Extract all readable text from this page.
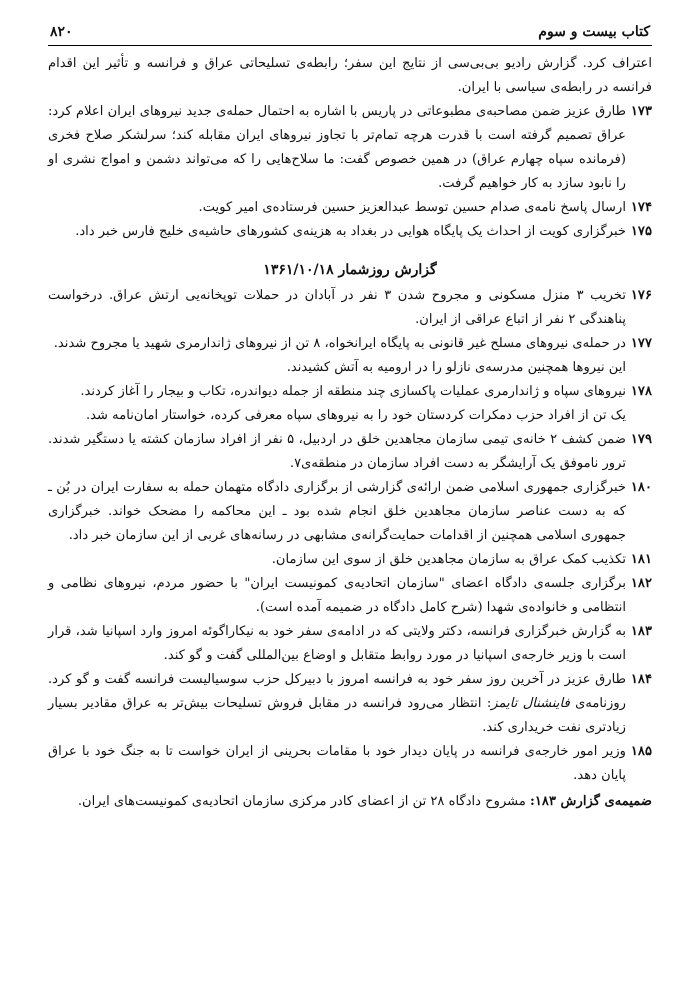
کتاب بیست و سوم
۸۲۰
اعتراف کرد. گزارش رادیو بی‌بی‌سی از نتایج این سفر؛ رابطه‌ی تسلیحاتی عراق و فرانسه و تأثیر این اقدام فرانسه در رابطه‌ی سیاسی با ایران.
۱۷۳
طارق عزیز ضمن مصاحبه‌ی مطبوعاتی در پاریس با اشاره به احتمال حمله‌ی جدید نیروهای ایران اعلام کرد: عراق تصمیم گرفته است با قدرت هرچه تمام‌تر با تجاوز نیروهای ایران مقابله کند؛ سرلشکر صلاح فخری (فرمانده سپاه چهارم عراق) در همین خصوص گفت: ما سلاح‌هایی را که می‌تواند دشمن و امواج نشری او را نابود سازد به کار خواهیم گرفت.
۱۷۴
ارسال پاسخ نامه‌ی صدام حسین توسط عبدالعزیز حسین فرستاده‌ی امیر کویت.
۱۷۵
خبرگزاری کویت از احداث یک پایگاه هوایی در بغداد به هزینه‌ی کشورهای حاشیه‌ی خلیج فارس خبر داد.
گزارش روزشمار ۱۳۶۱/۱۰/۱۸
۱۷۶
تخریب ۳ منزل مسکونی و مجروح شدن ۳ نفر در آبادان در حملات توپخانه‌یی ارتش عراق. درخواست پناهندگی ۲ نفر از اتباع عراقی از ایران.
۱۷۷
در حمله‌ی نیروهای مسلح غیر قانونی به پایگاه ایرانخواه، ۸ تن از نیروهای ژاندارمری شهید یا مجروح شدند.
این نیروها همچنین مدرسه‌ی نازلو را در ارومیه به آتش کشیدند.
۱۷۸
نیروهای سپاه و ژاندارمری عملیات پاکسازی چند منطقه از جمله دیواندره، تکاب و بیجار را آغاز کردند.
یک تن از افراد حزب دمکرات کردستان خود را به نیروهای سپاه معرفی کرده، خواستار امان‌نامه شد.
۱۷۹
ضمن کشف ۲ خانه‌ی تیمی سازمان مجاهدین خلق در اردبیل، ۵ نفر از افراد سازمان کشته یا دستگیر شدند. ترور ناموفق یک آرایشگر به دست افراد سازمان در منطقه‌ی۷.
۱۸۰
خبرگزاری جمهوری اسلامی ضمن ارائه‌ی گزارشی از برگزاری دادگاه متهمان حمله به سفارت ایران در بُن ـ که به دست عناصر سازمان مجاهدین خلق انجام شده بود ـ این محاکمه را مضحک خواند. خبرگزاری جمهوری اسلامی همچنین از اقدامات حمایت‌گرانه‌ی مشابهی در رسانه‌های غربی از این سازمان خبر داد.
۱۸۱
تکذیب کمک عراق به سازمان مجاهدین خلق از سوی این سازمان.
۱۸۲
برگزاری جلسه‌ی دادگاه اعضای "سازمان اتحادیه‌ی کمونیست ایران" با حضور مردم، نیروهای نظامی و انتظامی و خانواده‌ی شهدا (شرح کامل دادگاه در ضمیمه آمده است).
۱۸۳
به گزارش خبرگزاری فرانسه، دکتر ولایتی که در ادامه‌ی سفر خود به نیکاراگوئه امروز وارد اسپانیا شد، قرار است با وزیر خارجه‌ی اسپانیا در مورد روابط متقابل و اوضاع بین‌المللی گفت و گو کند.
۱۸۴
طارق عزیز در آخرین روز سفر خود به فرانسه امروز با دبیرکل حزب سوسیالیست فرانسه گفت و گو کرد. روزنامه‌ی فاینشنال تایمز: انتظار می‌رود فرانسه در مقابل فروش تسلیحات بیش‌تر به عراق مقادیر بسیار زیادتری نفت خریداری کند.
۱۸۵
وزیر امور خارجه‌ی فرانسه در پایان دیدار خود با مقامات بحرینی از ایران خواست تا به جنگ خود با عراق پایان دهد.
ضمیمه‌ی گزارش ۱۸۳: مشروح دادگاه ۲۸ تن از اعضای کادر مرکزی سازمان اتحادیه‌ی کمونیست‌های ایران.
